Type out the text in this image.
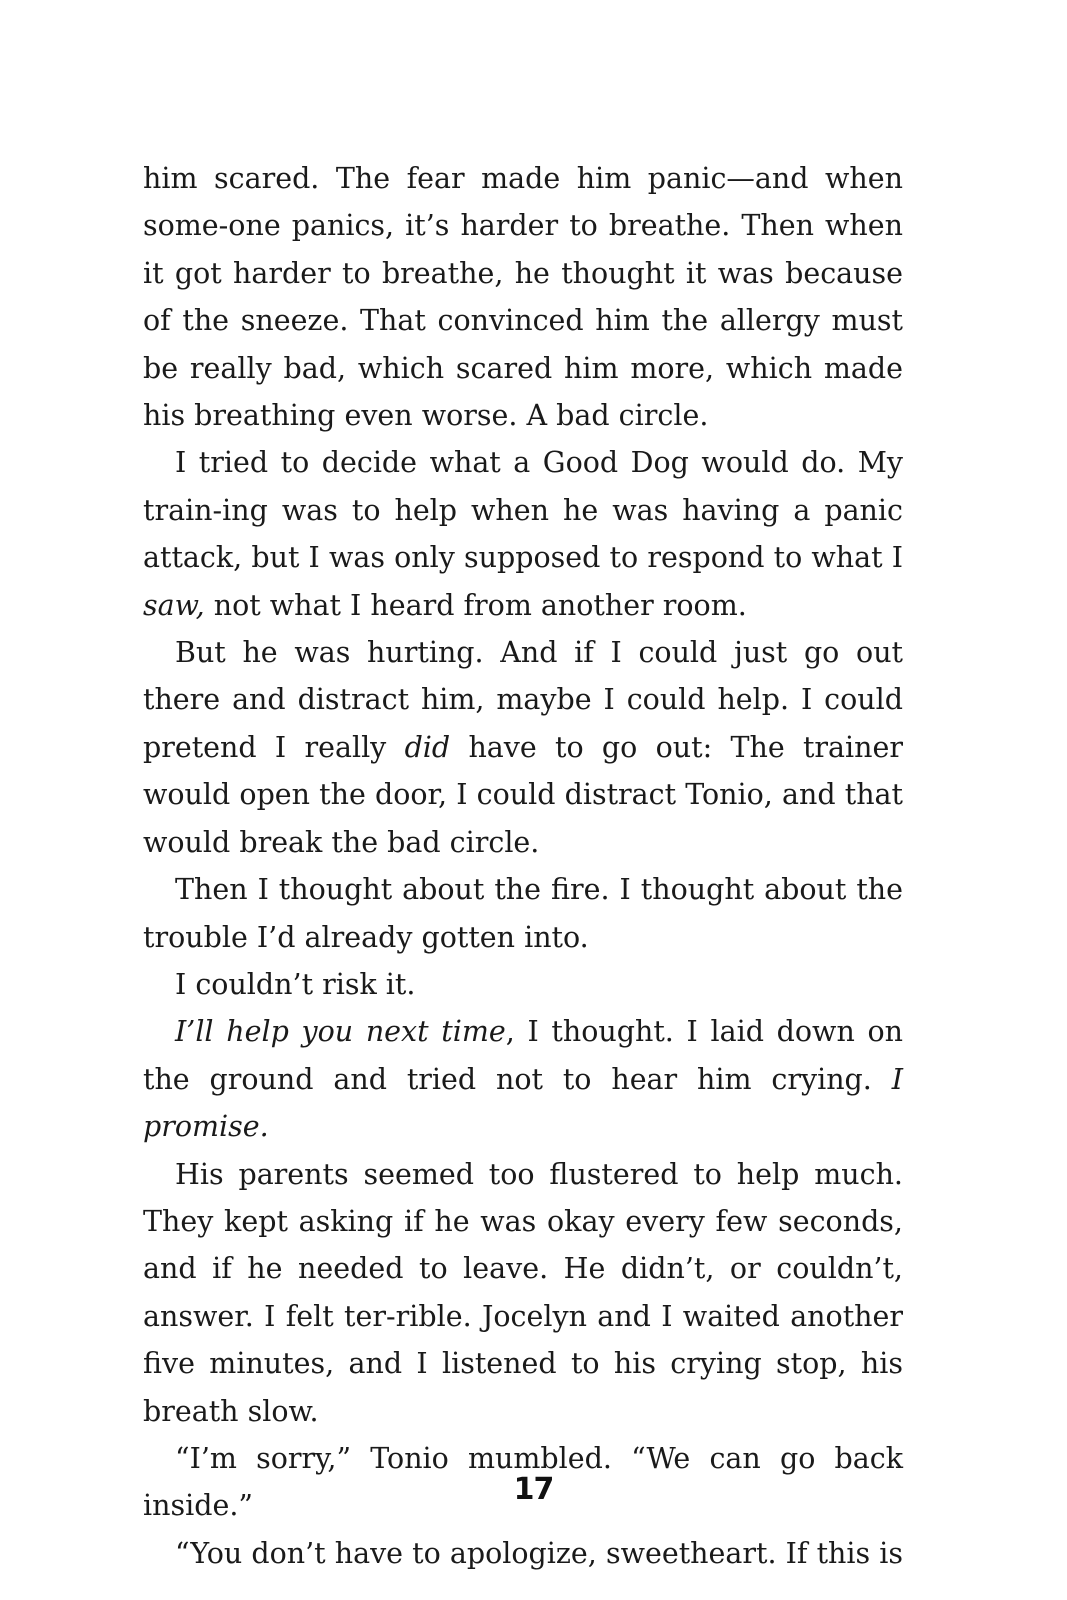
him scared. The fear made him panic—and when some-one panics, it’s harder to breathe. Then when it got harder to breathe, he thought it was because of the sneeze. That convinced him the allergy must be really bad, which scared him more, which made his breathing even worse. A bad circle.

I tried to decide what a Good Dog would do. My train-ing was to help when he was having a panic attack, but I was only supposed to respond to what I saw, not what I heard from another room.

But he was hurting. And if I could just go out there and distract him, maybe I could help. I could pretend I really did have to go out: The trainer would open the door, I could distract Tonio, and that would break the bad circle.

Then I thought about the fire. I thought about the trouble I’d already gotten into.

I couldn’t risk it.

I’ll help you next time, I thought. I laid down on the ground and tried not to hear him crying. I promise.

His parents seemed too flustered to help much. They kept asking if he was okay every few seconds, and if he needed to leave. He didn’t, or couldn’t, answer. I felt ter-rible. Jocelyn and I waited another five minutes, and I listened to his crying stop, his breath slow.

“I’m sorry,” Tonio mumbled. “We can go back inside.”

“You don’t have to apologize, sweetheart. If this is

17
